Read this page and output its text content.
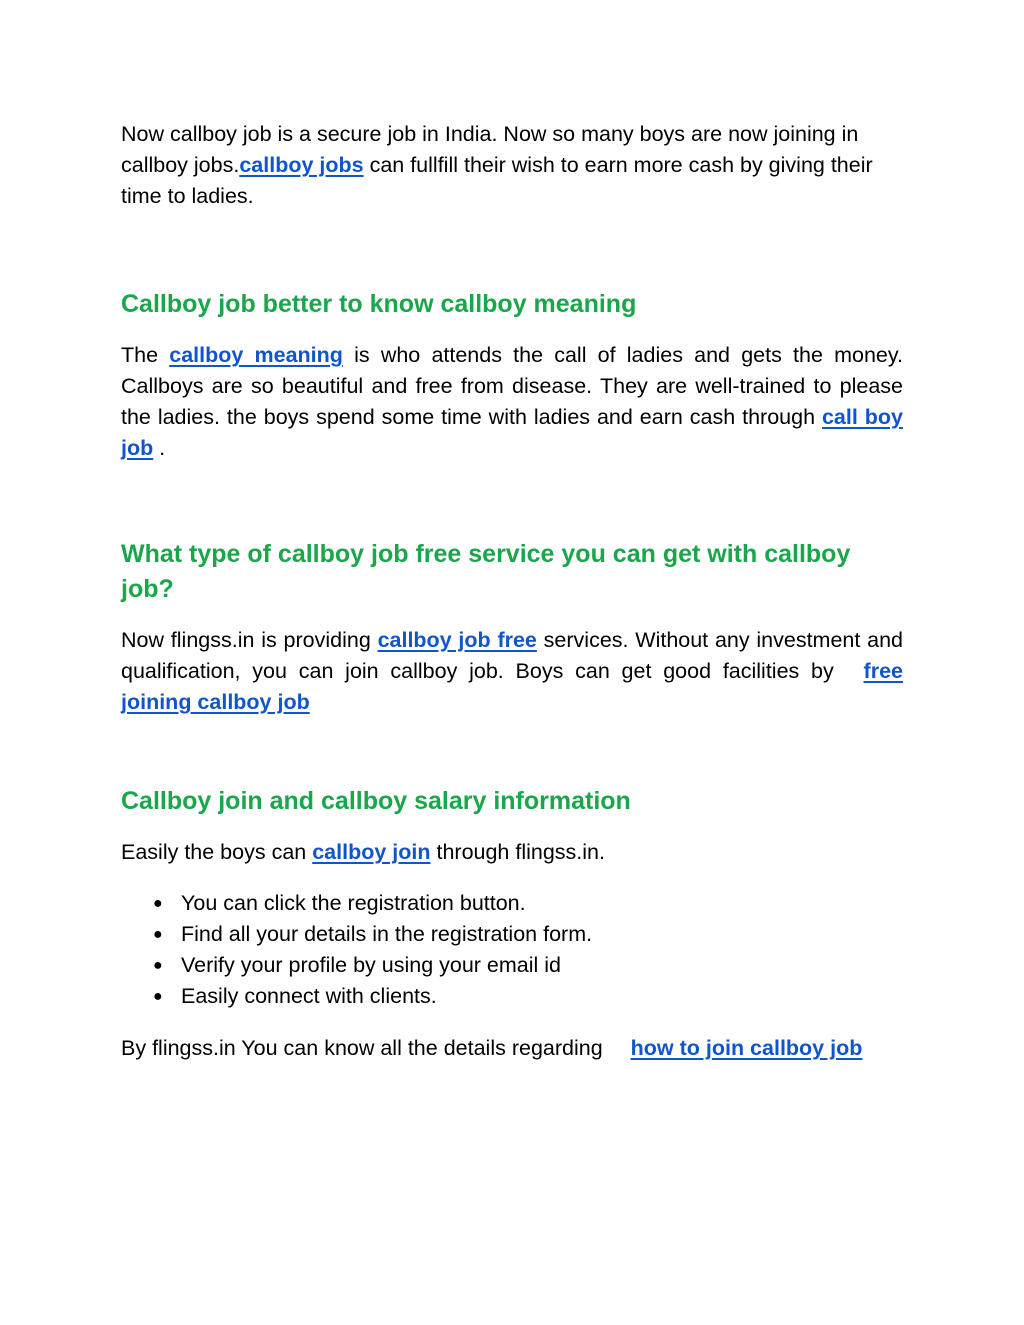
Now callboy job is a secure job in India. Now so many boys are now joining in callboy jobs.callboy jobs can fullfill their wish to earn more cash by giving their time to ladies.

Callboy job better to know callboy meaning

The callboy meaning is who attends the call of ladies and gets the money. Callboys are so beautiful and free from disease. They are well-trained to please the ladies. the boys spend some time with ladies and earn cash through call boy job .

What type of callboy job free service you can get with callboy job?

Now flingss.in is providing callboy job free services. Without any investment and qualification, you can join callboy job. Boys can get good facilities by free joining callboy job

Callboy join and callboy salary information

Easily the boys can callboy join through flingss.in.

● You can click the registration button.
● Find all your details in the registration form.
● Verify your profile by using your email id
● Easily connect with clients.

By flingss.in You can know all the details regarding how to join callboy job
